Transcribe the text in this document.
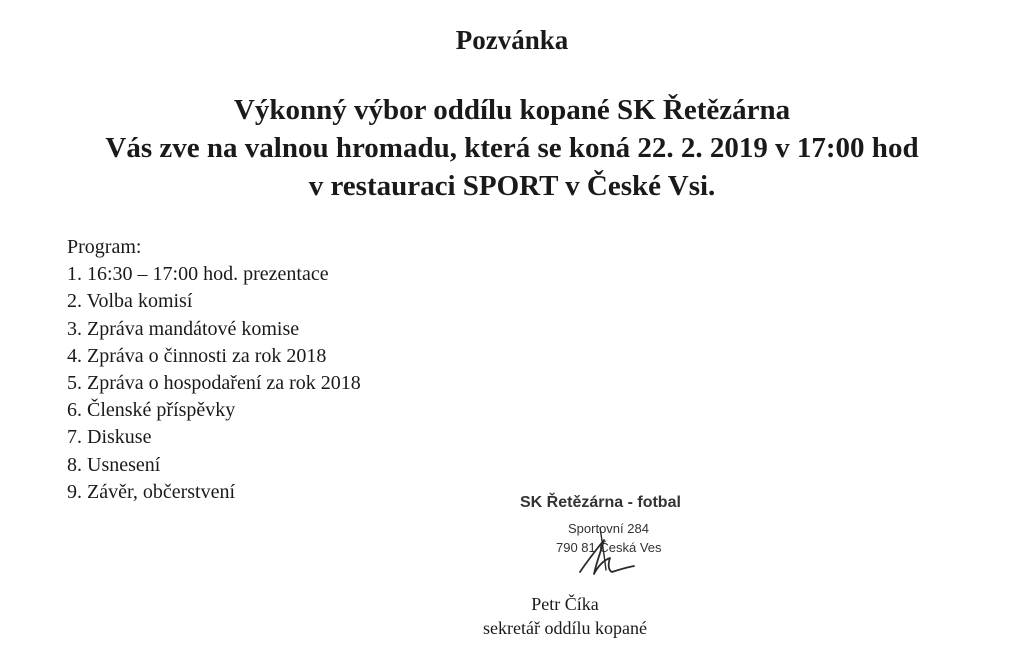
Pozvánka
Výkonný výbor oddílu kopané SK Řetězárna
Vás zve na valnou hromadu, která se koná 22. 2. 2019 v 17:00 hod
v restauraci SPORT v České Vsi.
Program:
1. 16:30 – 17:00 hod. prezentace
2. Volba komisí
3. Zpráva mandátové komise
4. Zpráva o činnosti za rok 2018
5. Zpráva o hospodaření za rok 2018
6. Členské příspěvky
7. Diskuse
8. Usnesení
9. Závěr, občerstvení	SK Řetězárna - fotbal
Sportovní 284
790 81 Česká Ves
Petr Číka
sekretář oddílu kopané
